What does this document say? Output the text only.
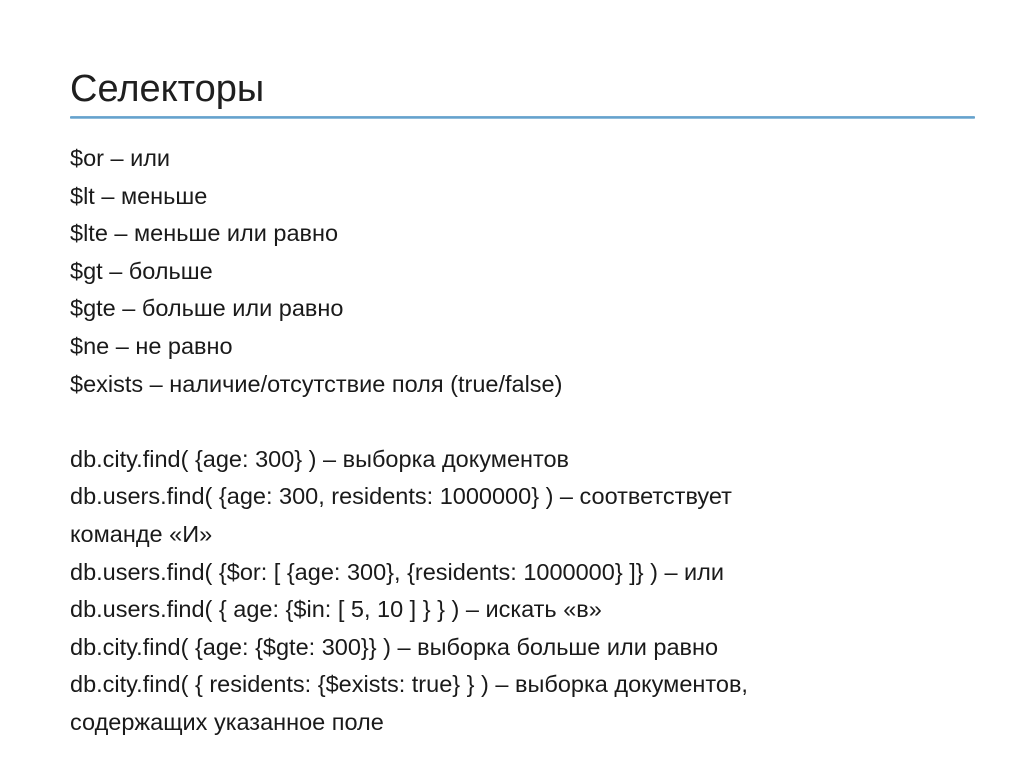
Селекторы
$or – или
$lt – меньше
$lte – меньше или равно
$gt – больше
$gte – больше или равно
$ne – не равно
$exists – наличие/отсутствие поля (true/false)
db.city.find( {age: 300} ) – выборка документов
db.users.find( {age: 300, residents: 1000000} ) – соответствует
команде «И»
db.users.find( {$or: [ {age: 300}, {residents: 1000000} ]} ) – или
db.users.find( { age: {$in: [ 5, 10 ] } } ) – искать «в»
db.city.find( {age: {$gte: 300}} ) – выборка больше или равно
db.city.find( { residents: {$exists: true} } ) – выборка документов,
содержащих указанное поле
